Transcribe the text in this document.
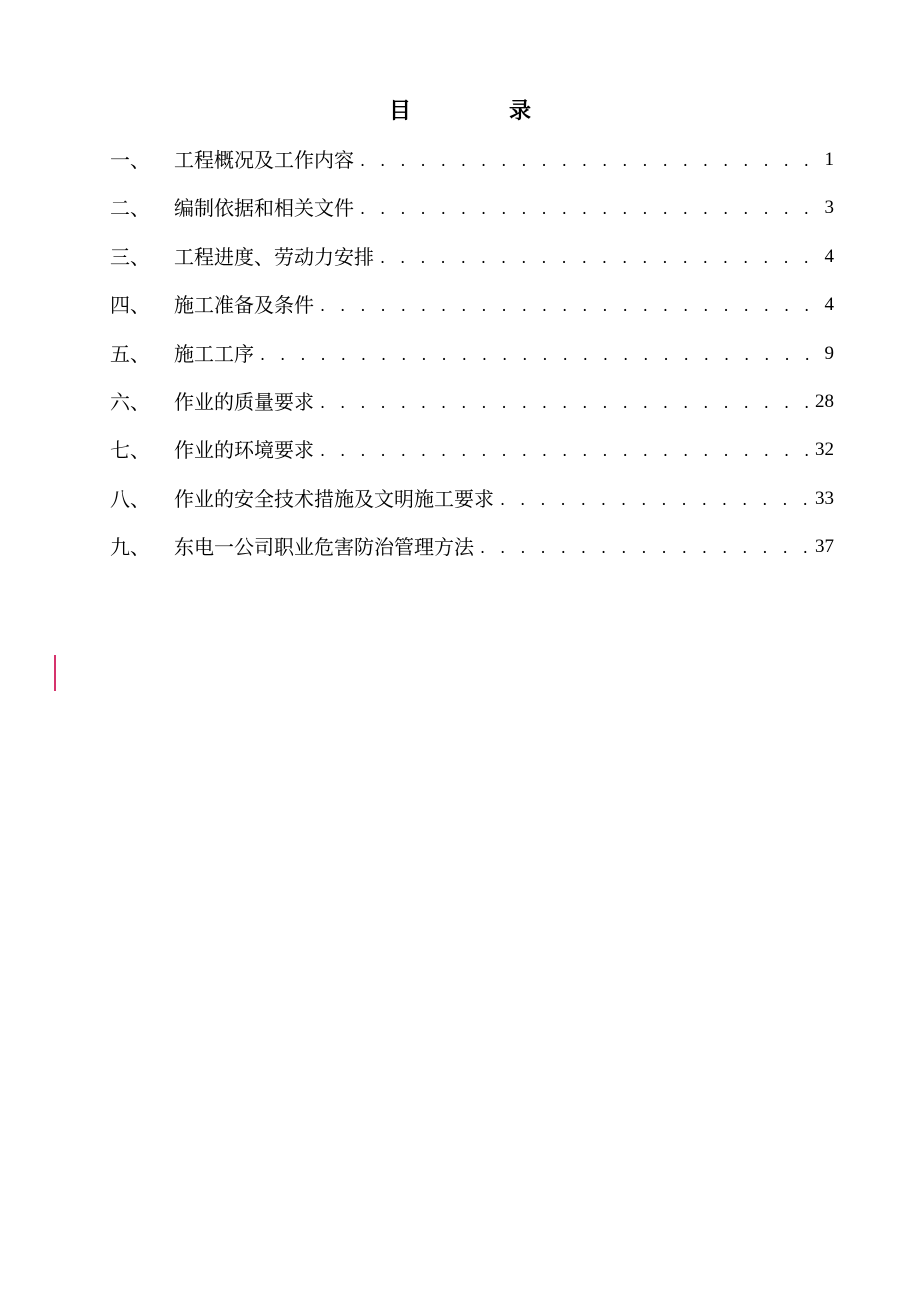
目　录
一、	工程概况及工作内容 . . .	1
二、	编制依据和相关文件 . . .	3
三、	工程进度、劳动力安排 . . .	4
四、	施工准备及条件 . . .	4
五、	施工工序 . . .	9
六、	作业的质量要求 . . .	28
七、	作业的环境要求 . . .	32
八、	作业的安全技术措施及文明施工要求 . . .	33
九、	东电一公司职业危害防治管理方法 . . .	37
